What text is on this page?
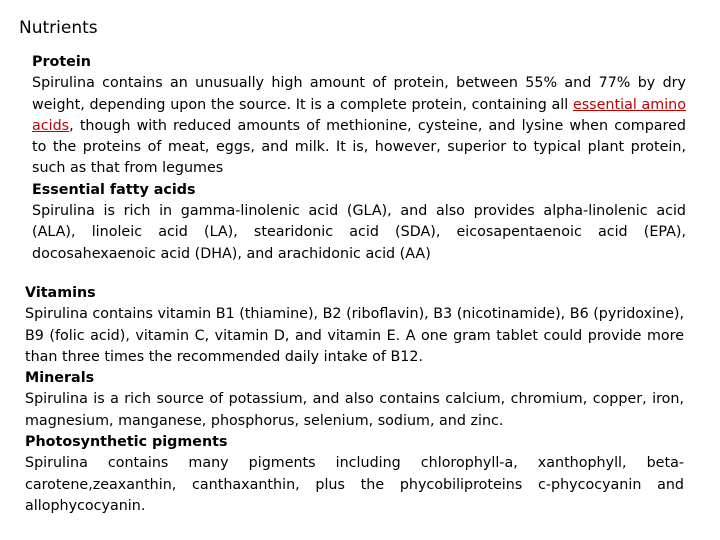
Nutrients

Protein

Spirulina contains an unusually high amount of protein, between 55% and 77% by dry weight, depending upon the source. It is a complete protein, containing all essential amino acids, though with reduced amounts of methionine, cysteine, and lysine when compared to the proteins of meat, eggs, and milk. It is, however, superior to typical plant protein, such as that from legumes

Essential fatty acids

Spirulina is rich in gamma-linolenic acid (GLA), and also provides alpha-linolenic acid (ALA), linoleic acid (LA), stearidonic acid (SDA), eicosapentaenoic acid (EPA), docosahexaenoic acid (DHA), and arachidonic acid (AA)

Vitamins

Spirulina contains vitamin B1 (thiamine), B2 (riboflavin), B3 (nicotinamide), B6 (pyridoxine), B9 (folic acid), vitamin C, vitamin D, and vitamin E. A one gram tablet could provide more than three times the recommended daily intake of B12.

Minerals

Spirulina is a rich source of potassium, and also contains calcium, chromium, copper, iron, magnesium, manganese, phosphorus, selenium, sodium, and zinc.

Photosynthetic pigments

Spirulina contains many pigments including chlorophyll-a, xanthophyll, beta-carotene,zeaxanthin, canthaxanthin, plus the phycobiliproteins c-phycocyanin and allophycocyanin.
